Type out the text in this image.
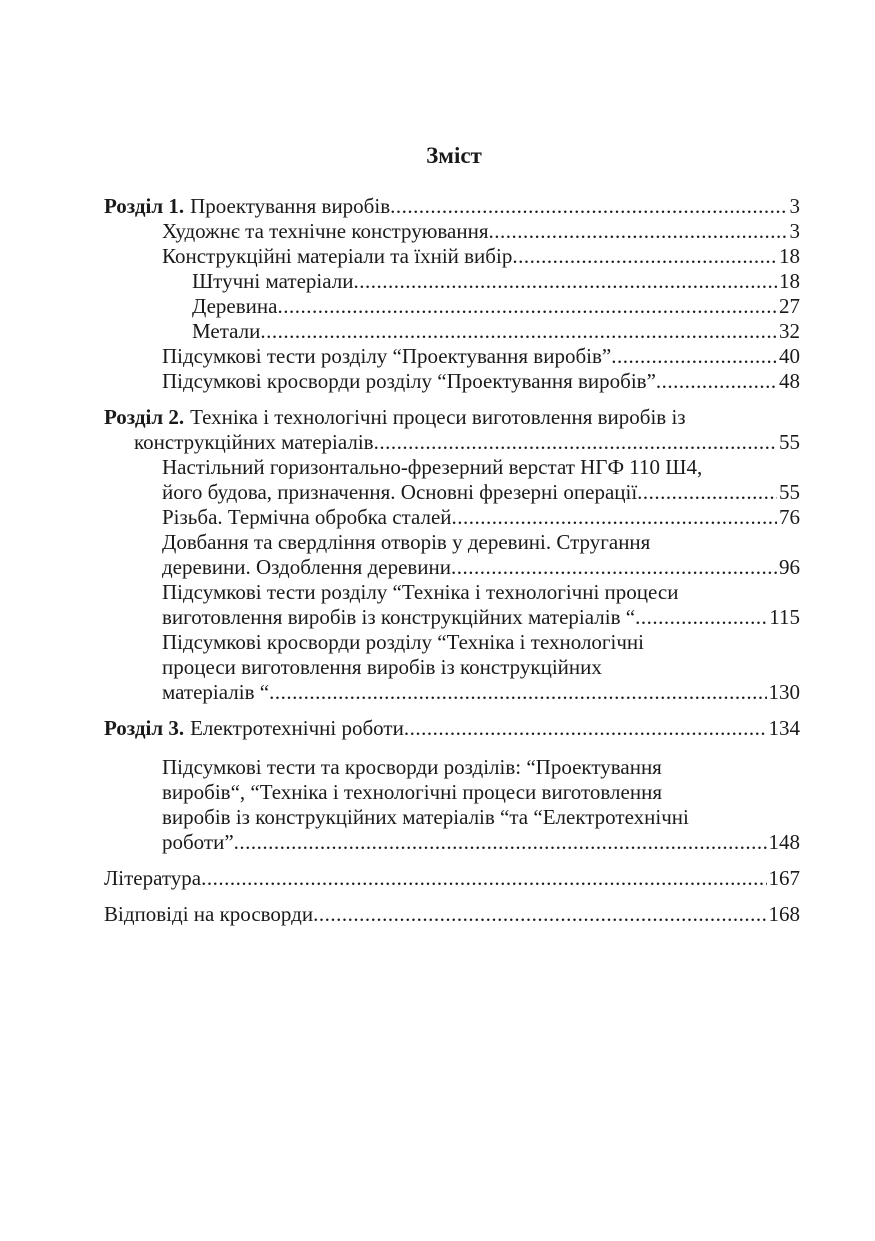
Зміст
Розділ 1. Проектування виробів .....	3
Художнє та технічне конструювання .....	3
Конструкційні матеріали та їхній вибір .....	18
Штучні матеріали .....	18
Деревина .....	27
Метали .....	32
Підсумкові тести розділу “Проектування виробів” .....	40
Підсумкові кросворди розділу “Проектування виробів” .....	48
Розділ 2. Техніка і технологічні процеси виготовлення виробів із
конструкційних матеріалів .....	55
Настільний горизонтально-фрезерний верстат НГФ 110 Ш4,
його будова, призначення. Основні фрезерні операції .....	55
Різьба. Термічна обробка сталей .....	76
Довбання та свердління отворів у деревині. Стругання
деревини. Оздоблення деревини .....	96
Підсумкові тести розділу “Техніка і технологічні процеси
виготовлення виробів із конструкційних матеріалів “ .....	115
Підсумкові кросворди розділу “Техніка і технологічні
процеси виготовлення виробів із конструкційних
матеріалів “ .....	130
Розділ 3. Електротехнічні роботи .....	134
Підсумкові тести та кросворди розділів: “Проектування
виробів“, “Техніка і технологічні процеси виготовлення
виробів із конструкційних матеріалів “та “Електротехнічні
роботи” .....	148
Література .....	167
Відповіді на кросворди .....	168
